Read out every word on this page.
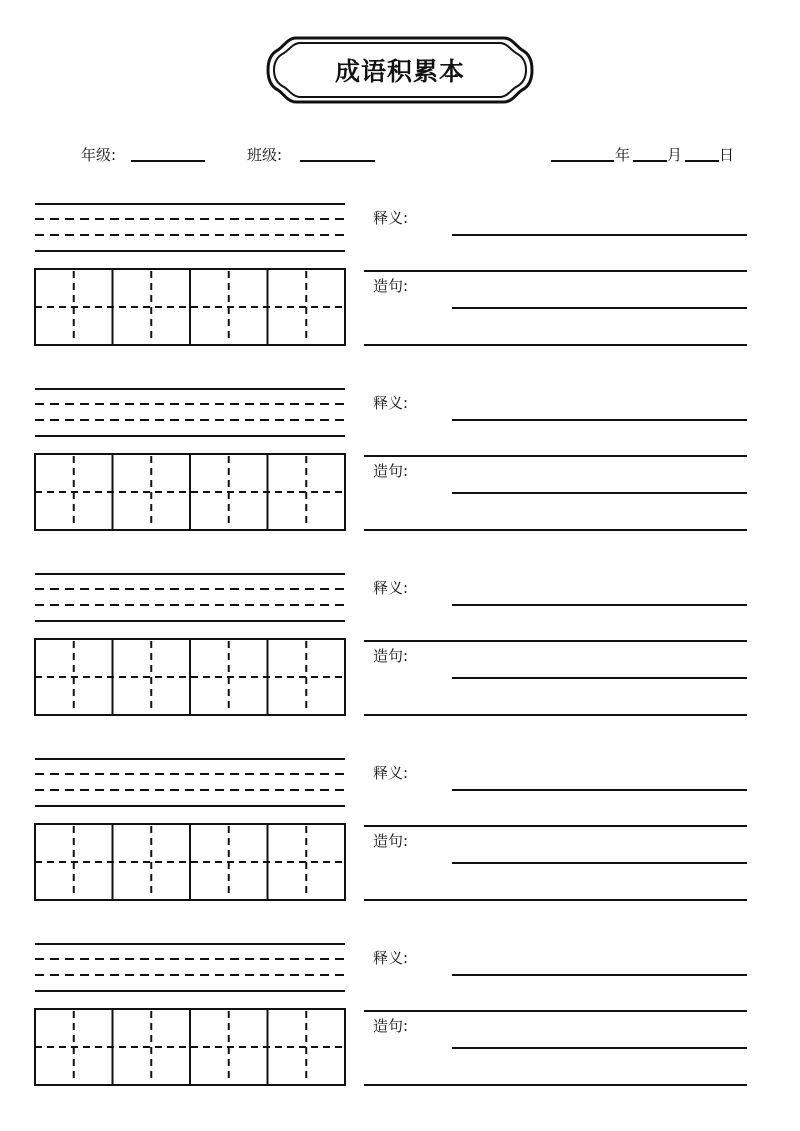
成语积累本
年级:	班级:	年 月 日
释义:
造句:
释义:
造句:
释义:
造句:
释义:
造句:
释义:
造句:
